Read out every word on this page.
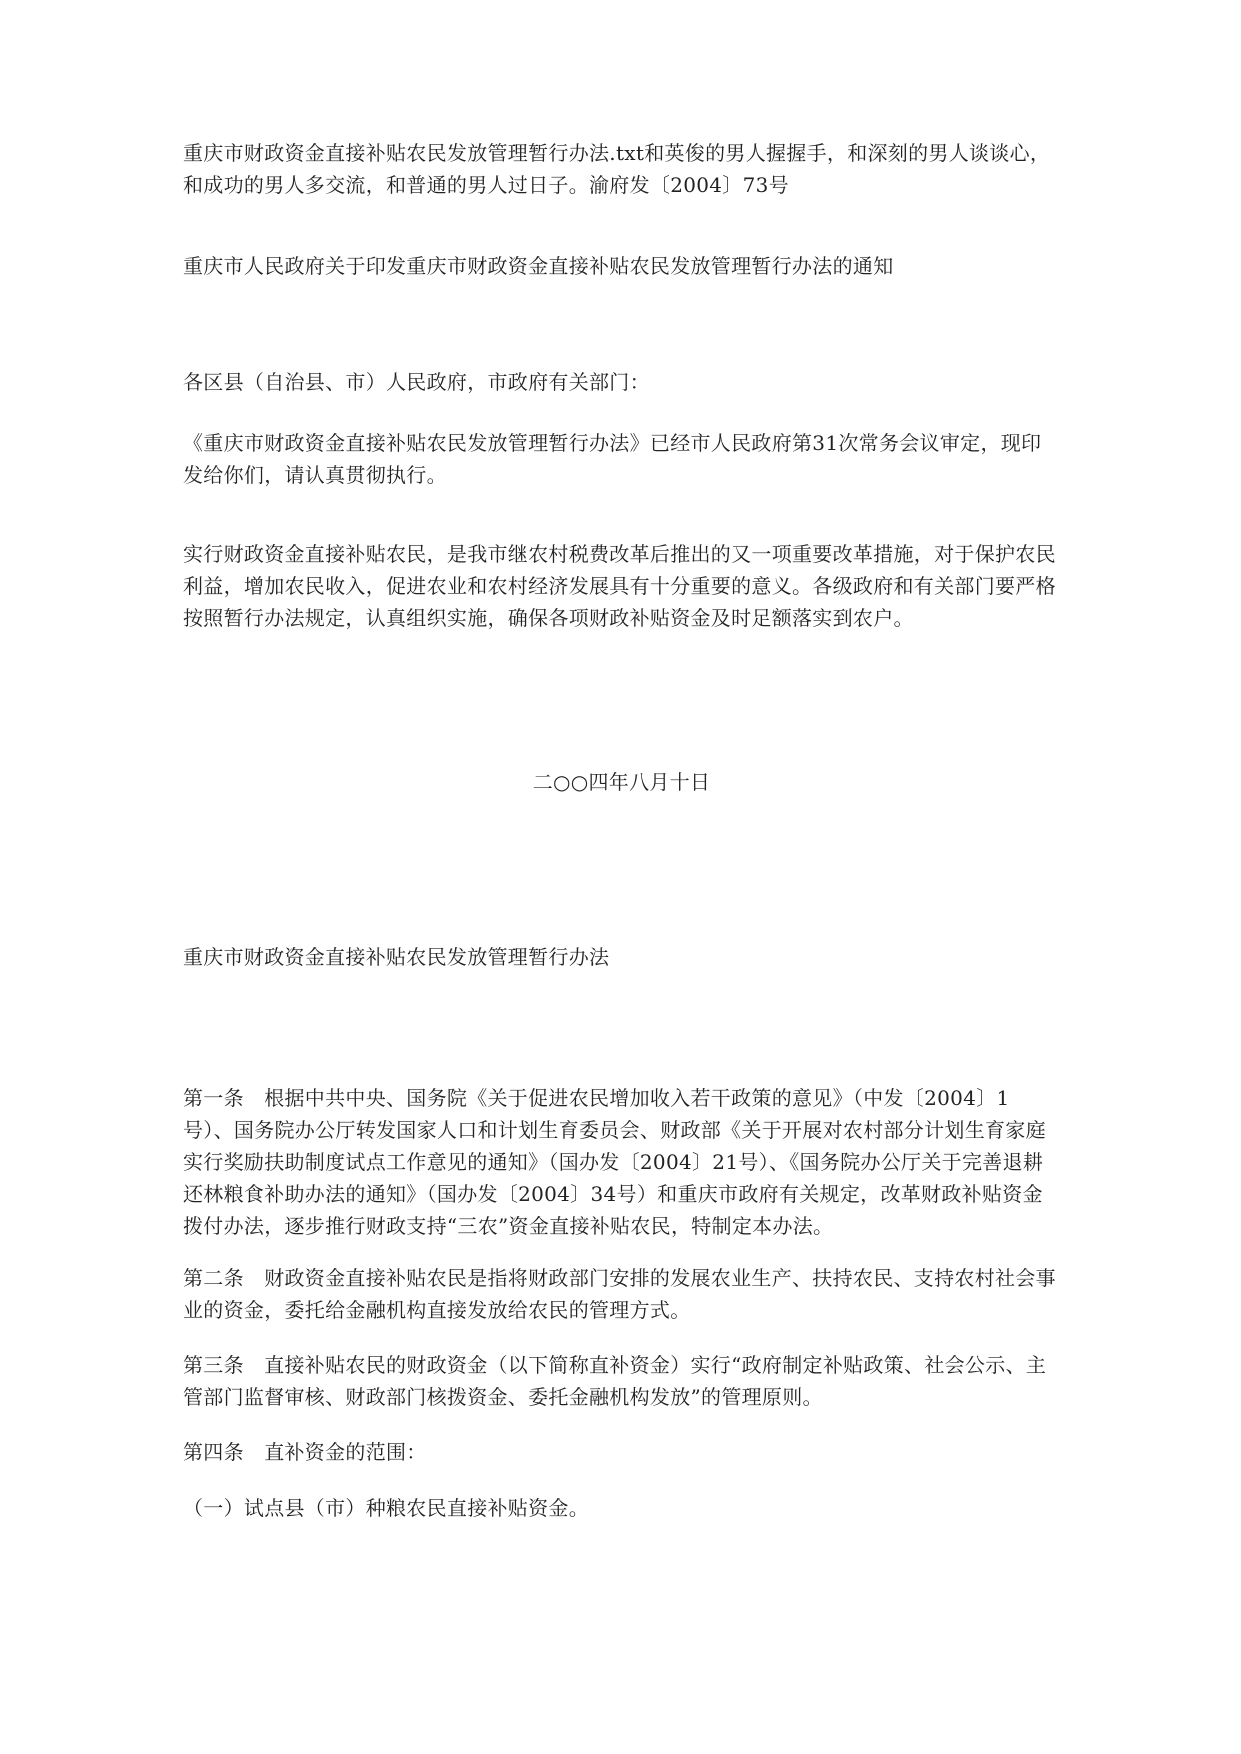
重庆市财政资金直接补贴农民发放管理暂行办法.txt和英俊的男人握握手，和深刻的男人谈谈心，和成功的男人多交流，和普通的男人过日子。渝府发〔2004〕73号

重庆市人民政府关于印发重庆市财政资金直接补贴农民发放管理暂行办法的通知

各区县（自治县、市）人民政府，市政府有关部门：

《重庆市财政资金直接补贴农民发放管理暂行办法》已经市人民政府第31次常务会议审定，现印发给你们，请认真贯彻执行。

实行财政资金直接补贴农民，是我市继农村税费改革后推出的又一项重要改革措施，对于保护农民利益，增加农民收入，促进农业和农村经济发展具有十分重要的意义。各级政府和有关部门要严格按照暂行办法规定，认真组织实施，确保各项财政补贴资金及时足额落实到农户。

二○○四年八月十日

重庆市财政资金直接补贴农民发放管理暂行办法

第一条　根据中共中央、国务院《关于促进农民增加收入若干政策的意见》（中发〔2004〕1号）、国务院办公厅转发国家人口和计划生育委员会、财政部《关于开展对农村部分计划生育家庭实行奖励扶助制度试点工作意见的通知》（国办发〔2004〕21号）、《国务院办公厅关于完善退耕还林粮食补助办法的通知》（国办发〔2004〕34号）和重庆市政府有关规定，改革财政补贴资金拨付办法，逐步推行财政支持“三农”资金直接补贴农民，特制定本办法。

第二条　财政资金直接补贴农民是指将财政部门安排的发展农业生产、扶持农民、支持农村社会事业的资金，委托给金融机构直接发放给农民的管理方式。

第三条　直接补贴农民的财政资金（以下简称直补资金）实行“政府制定补贴政策、社会公示、主管部门监督审核、财政部门核拨资金、委托金融机构发放”的管理原则。

第四条　直补资金的范围：

（一）试点县（市）种粮农民直接补贴资金。
